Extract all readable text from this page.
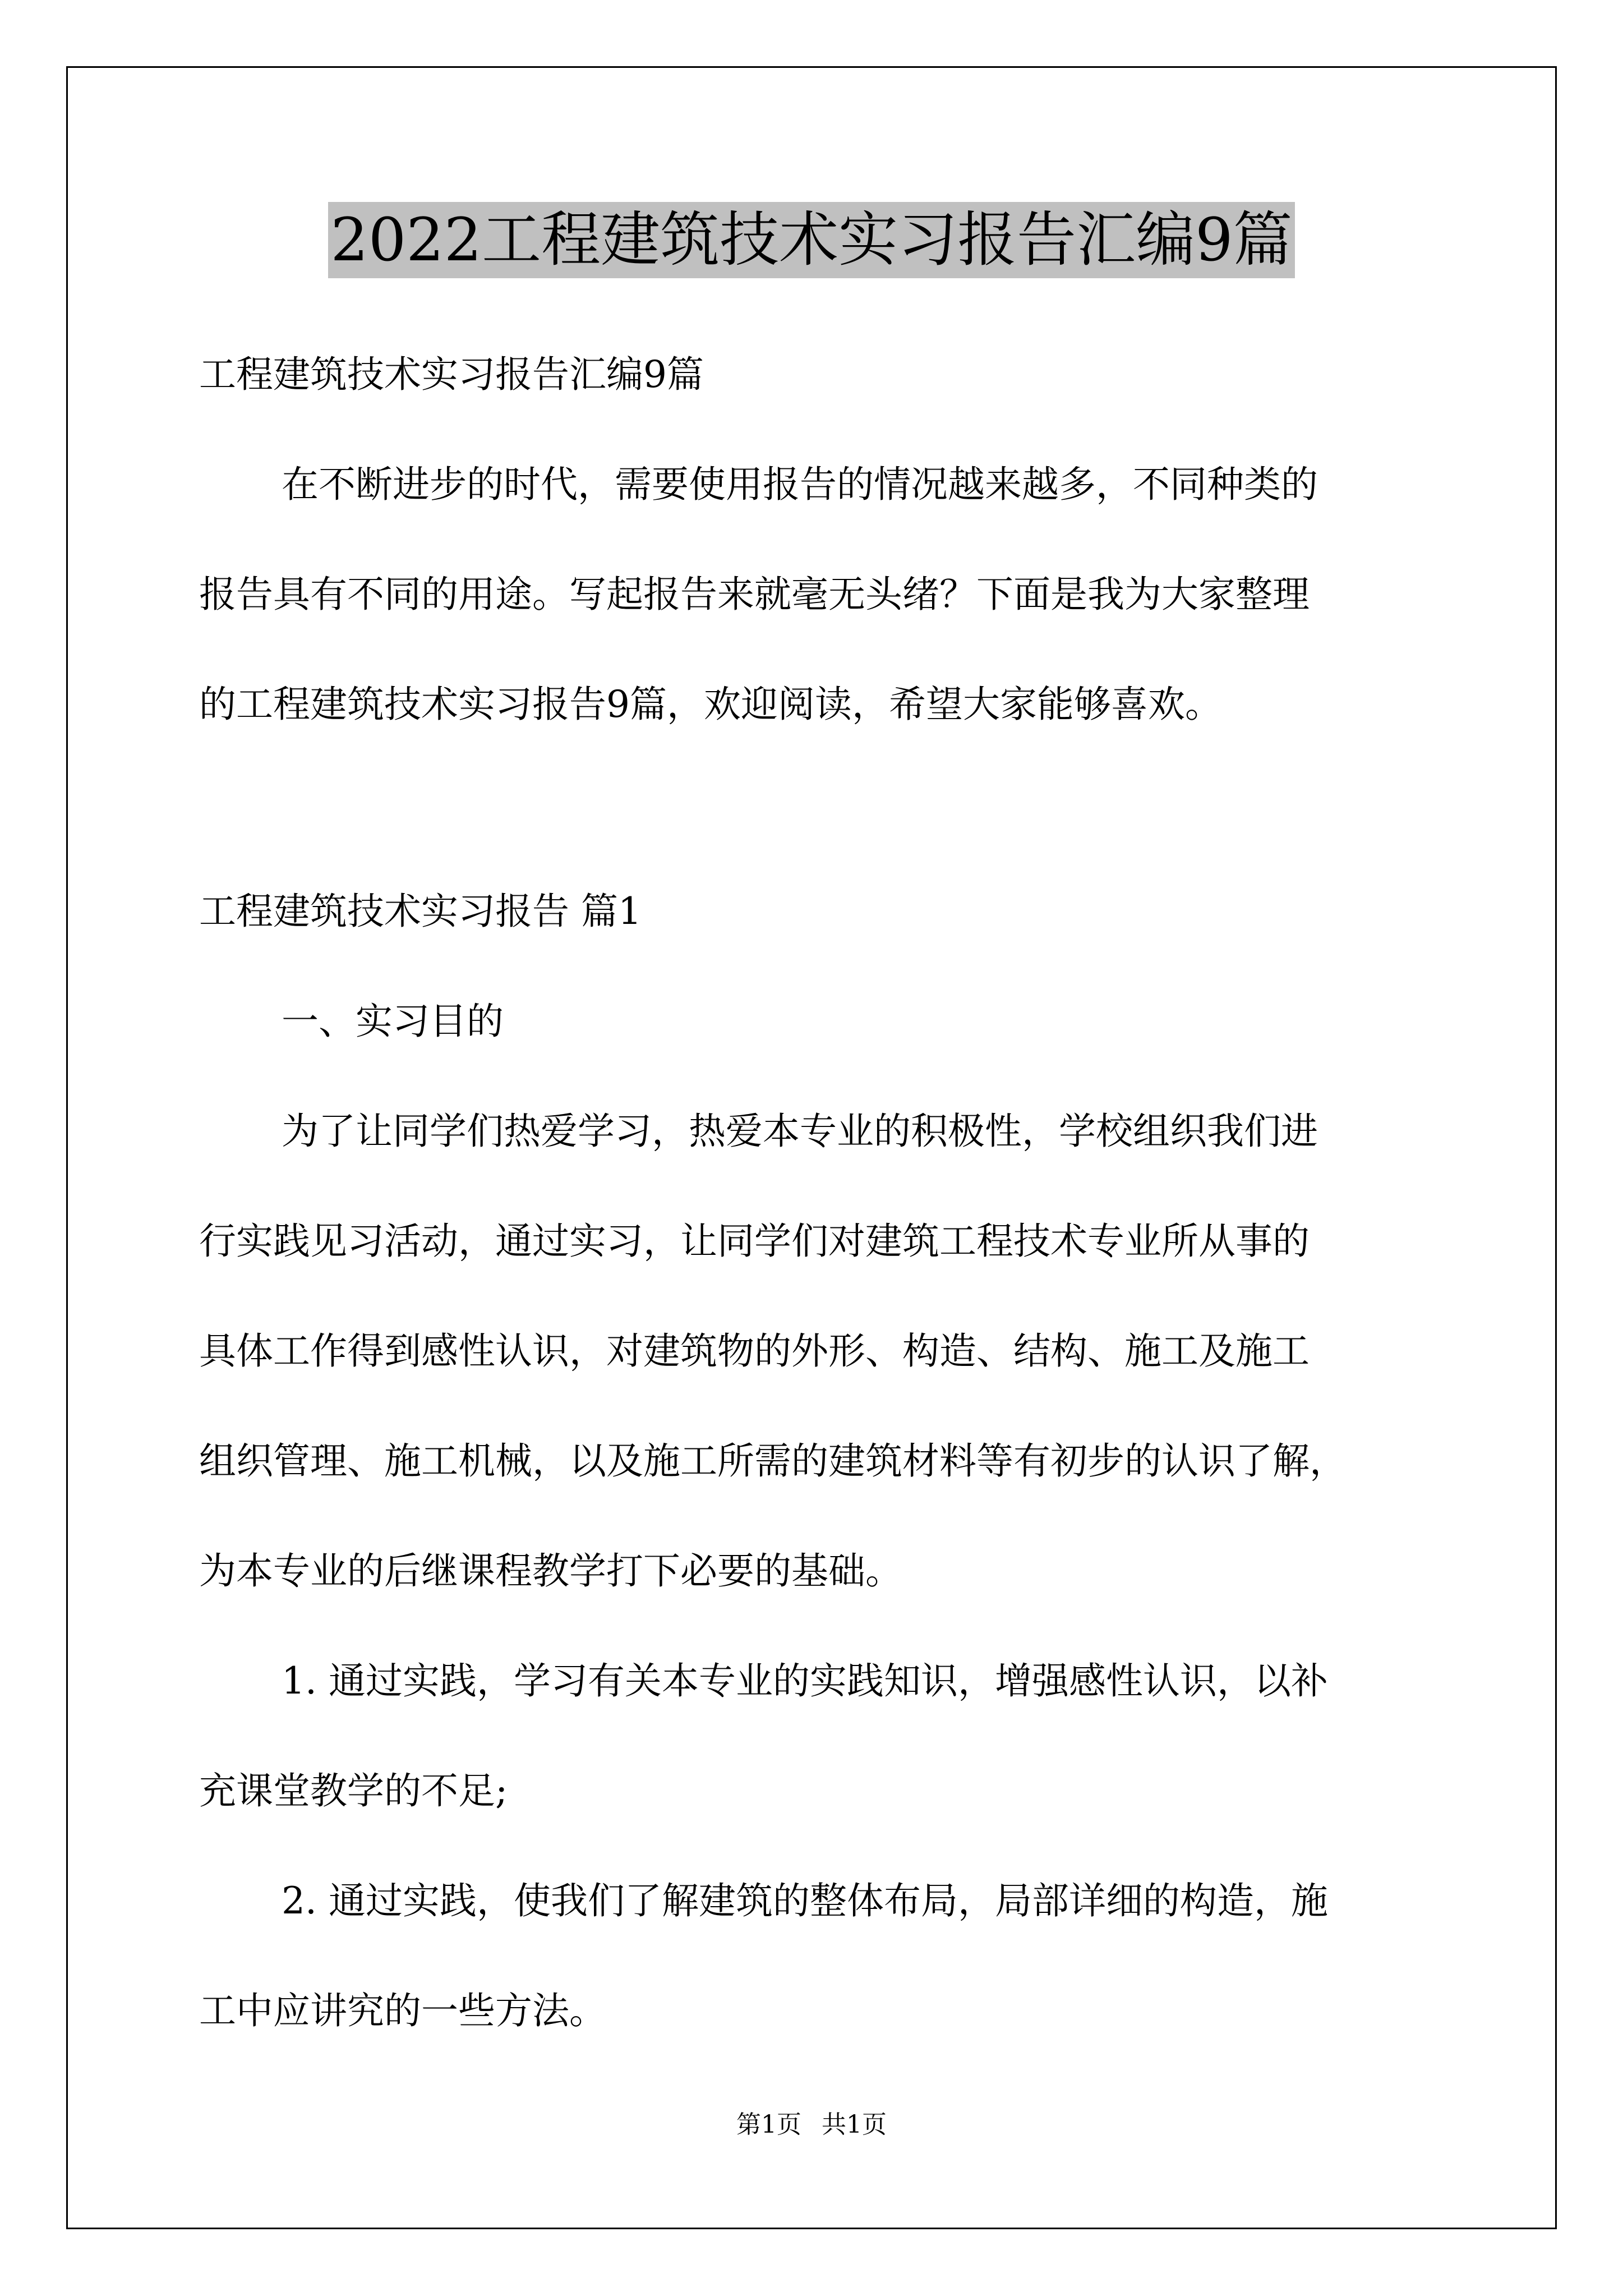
2022工程建筑技术实习报告汇编9篇
工程建筑技术实习报告汇编9篇
在不断进步的时代，需要使用报告的情况越来越多，不同种类的
报告具有不同的用途。写起报告来就毫无头绪？下面是我为大家整理
的工程建筑技术实习报告9篇，欢迎阅读，希望大家能够喜欢。
工程建筑技术实习报告 篇1
一、实习目的
为了让同学们热爱学习，热爱本专业的积极性，学校组织我们进
行实践见习活动，通过实习，让同学们对建筑工程技术专业所从事的
具体工作得到感性认识，对建筑物的外形、构造、结构、施工及施工
组织管理、施工机械，以及施工所需的建筑材料等有初步的认识了解，
为本专业的后继课程教学打下必要的基础。
1. 通过实践，学习有关本专业的实践知识，增强感性认识，以补
充课堂教学的不足;
2. 通过实践，使我们了解建筑的整体布局，局部详细的构造，施
工中应讲究的一些方法。
第1页 共1页
